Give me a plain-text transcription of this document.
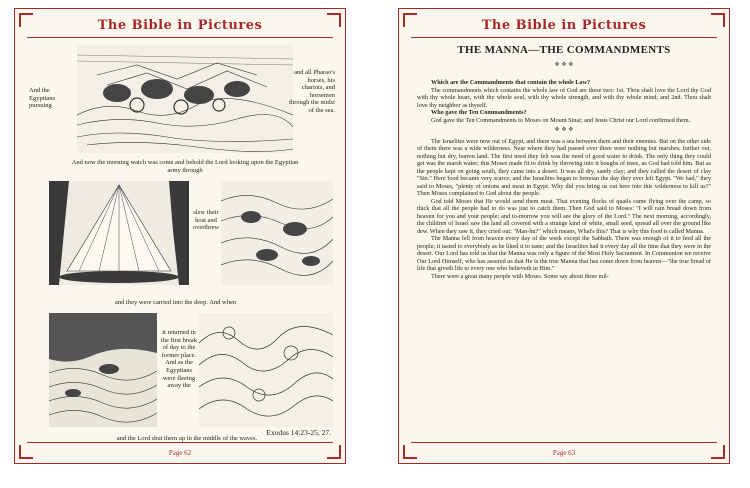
The Bible in Pictures
And the Egyptians pursuing
and all Pharao's horses, his chariots, and horsemen through the midst of the sea.
And now the morning watch was come and behold the Lord looking upon the Egyptian army through
slew their host and overthrew
and they were carried into the deep. And when
it returned in the first break of day to the former place. And as the Egyptians were fleeing away the
and the Lord shut them up in the middle of the waves.
Exodus 14:23-25, 27.
Page 62
The Bible in Pictures
THE MANNA—THE COMMANDMENTS
❖ ❖ ❖

Which are the Commandments that contain the whole Law?

The commandments which contains the whole law of God are these two: 1st. Thou shalt love the Lord thy God with thy whole heart, with thy whole soul, with thy whole strength, and with thy whole mind; and 2nd. Thou shalt love thy neighbor as thyself.

Who gave the Ten Commandments?

God gave the Ten Commandments to Moses on Mount Sinai; and Jesus Christ our Lord confirmed them.

❖ ❖ ❖

The Israelites were now out of Egypt, and there was a sea between them and their enemies. But on the other side of them there was a wide wilderness. Near where they had passed over there were nothing but marshes; further out, nothing but dry, barren land. The first need they felt was the need of good water to drink. The only thing they could get was the marsh water; this Moses made fit to drink by throwing into it boughs of trees, as God had told him. But as the people kept on going south, they came into a desert. It was all dry, sandy clay; and they called the desert of clay "Sin." Here food became very scarce; and the Israelites began to bemoan the day they ever left Egypt. "We had," they said to Moses, "plenty of onions and meat in Egypt. Why did you bring us out here into this wilderness to kill us?" Then Moses complained to God about the people.

God told Moses that He would send them meat. That evening flocks of quails came flying over the camp, so thick that all the people had to do was just to catch them. Then God said to Moses: "I will rain bread down from heaven for you and your people; and to-morrow you will see the glory of the Lord." The next morning, accordingly, the children of Israel saw the land all covered with a strange kind of white, small seed, spread all over the ground like dew. When they saw it, they cried out: "Man-hu?" which means, What's this? That is why this food is called Manna.

The Manna fell from heaven every day of the week except the Sabbath. There was enough of it to feed all the people; it tasted to everybody as he liked it to taste; and the Israelites had it every day all the time that they were in the desert. Our Lord has told us that the Manna was only a figure of the Most Holy Sacrament. In Communion we receive Our Lord Himself, who has assured us that He is the true Manna that has come down from heaven—"the true bread of life that giveth life to every one who believeth in Him."

There were a great many people with Moses. Some say about three mil-

Page 63
